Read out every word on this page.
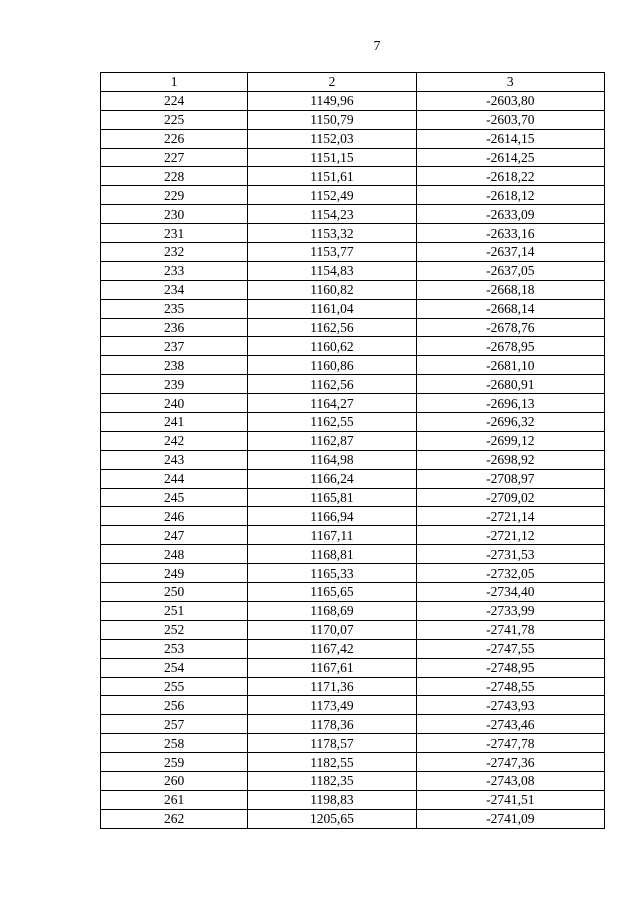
7
1	2	3
224	1149,96	-2603,80
225	1150,79	-2603,70
226	1152,03	-2614,15
227	1151,15	-2614,25
228	1151,61	-2618,22
229	1152,49	-2618,12
230	1154,23	-2633,09
231	1153,32	-2633,16
232	1153,77	-2637,14
233	1154,83	-2637,05
234	1160,82	-2668,18
235	1161,04	-2668,14
236	1162,56	-2678,76
237	1160,62	-2678,95
238	1160,86	-2681,10
239	1162,56	-2680,91
240	1164,27	-2696,13
241	1162,55	-2696,32
242	1162,87	-2699,12
243	1164,98	-2698,92
244	1166,24	-2708,97
245	1165,81	-2709,02
246	1166,94	-2721,14
247	1167,11	-2721,12
248	1168,81	-2731,53
249	1165,33	-2732,05
250	1165,65	-2734,40
251	1168,69	-2733,99
252	1170,07	-2741,78
253	1167,42	-2747,55
254	1167,61	-2748,95
255	1171,36	-2748,55
256	1173,49	-2743,93
257	1178,36	-2743,46
258	1178,57	-2747,78
259	1182,55	-2747,36
260	1182,35	-2743,08
261	1198,83	-2741,51
262	1205,65	-2741,09
